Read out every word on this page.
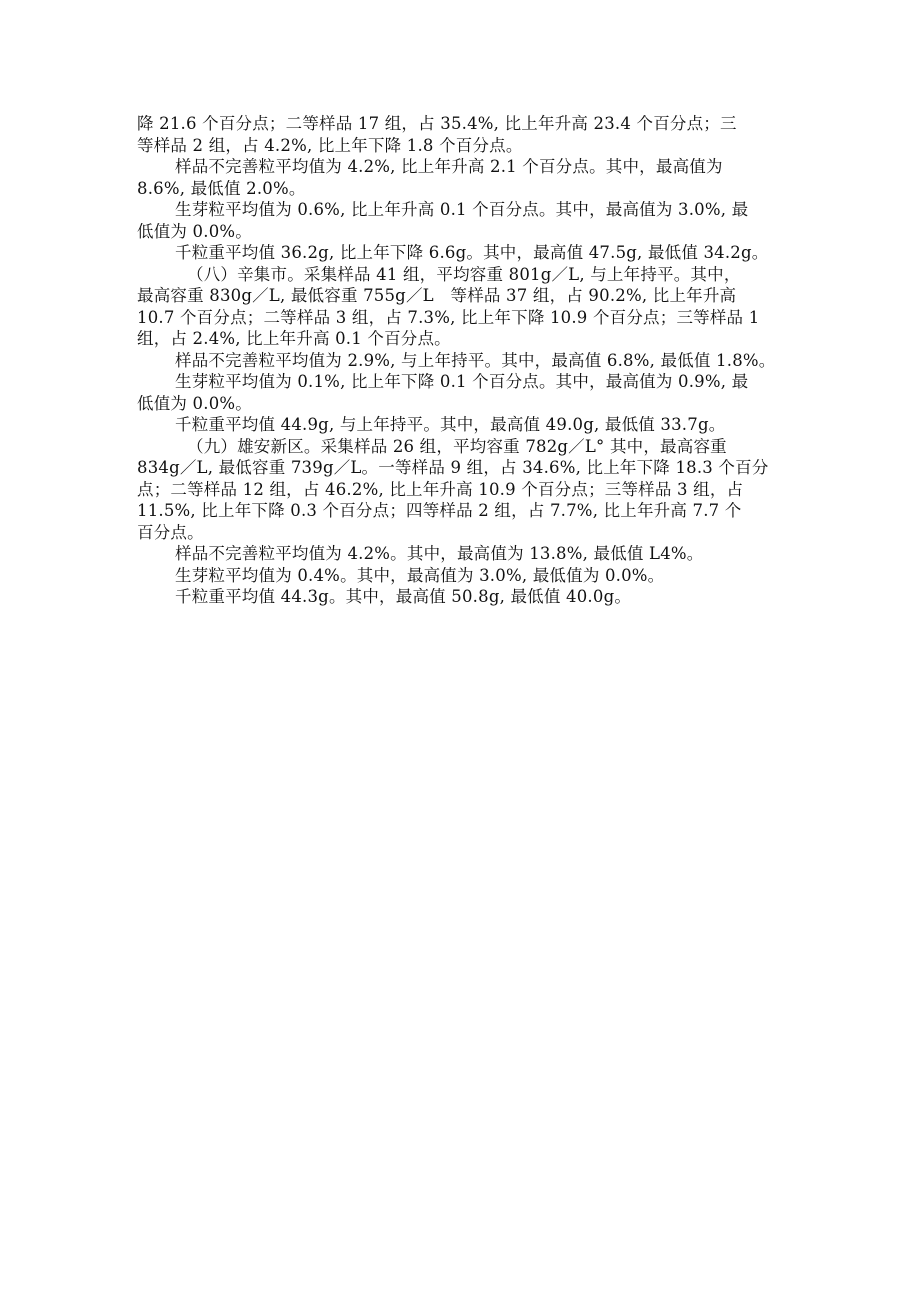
降 21.6 个百分点；二等样品 17 组，占 35.4%, 比上年升高 23.4 个百分点；三
等样品 2 组，占 4.2%, 比上年下降 1.8 个百分点。
样品不完善粒平均值为 4.2%, 比上年升高 2.1 个百分点。其中，最高值为
8.6%, 最低值 2.0%。
生芽粒平均值为 0.6%, 比上年升高 0.1 个百分点。其中，最高值为 3.0%, 最
低值为 0.0%。
千粒重平均值 36.2g, 比上年下降 6.6g。其中，最高值 47.5g, 最低值 34.2g。
（八）辛集市。采集样品 41 组，平均容重 801g／L, 与上年持平。其中，
最高容重 830g／L, 最低容重 755g／L　等样品 37 组，占 90.2%, 比上年升高
10.7 个百分点；二等样品 3 组，占 7.3%, 比上年下降 10.9 个百分点；三等样品 1
组，占 2.4%, 比上年升高 0.1 个百分点。
样品不完善粒平均值为 2.9%, 与上年持平。其中，最高值 6.8%, 最低值 1.8%。
生芽粒平均值为 0.1%, 比上年下降 0.1 个百分点。其中，最高值为 0.9%, 最
低值为 0.0%。
千粒重平均值 44.9g, 与上年持平。其中，最高值 49.0g, 最低值 33.7g。
（九）雄安新区。采集样品 26 组，平均容重 782g／L° 其中，最高容重
834g／L, 最低容重 739g／L。一等样品 9 组，占 34.6%, 比上年下降 18.3 个百分
点；二等样品 12 组，占 46.2%, 比上年升高 10.9 个百分点；三等样品 3 组，占
11.5%, 比上年下降 0.3 个百分点；四等样品 2 组，占 7.7%, 比上年升高 7.7 个
百分点。
样品不完善粒平均值为 4.2%。其中，最高值为 13.8%, 最低值 L4%。
生芽粒平均值为 0.4%。其中，最高值为 3.0%, 最低值为 0.0%。
千粒重平均值 44.3g。其中，最高值 50.8g, 最低值 40.0g。
